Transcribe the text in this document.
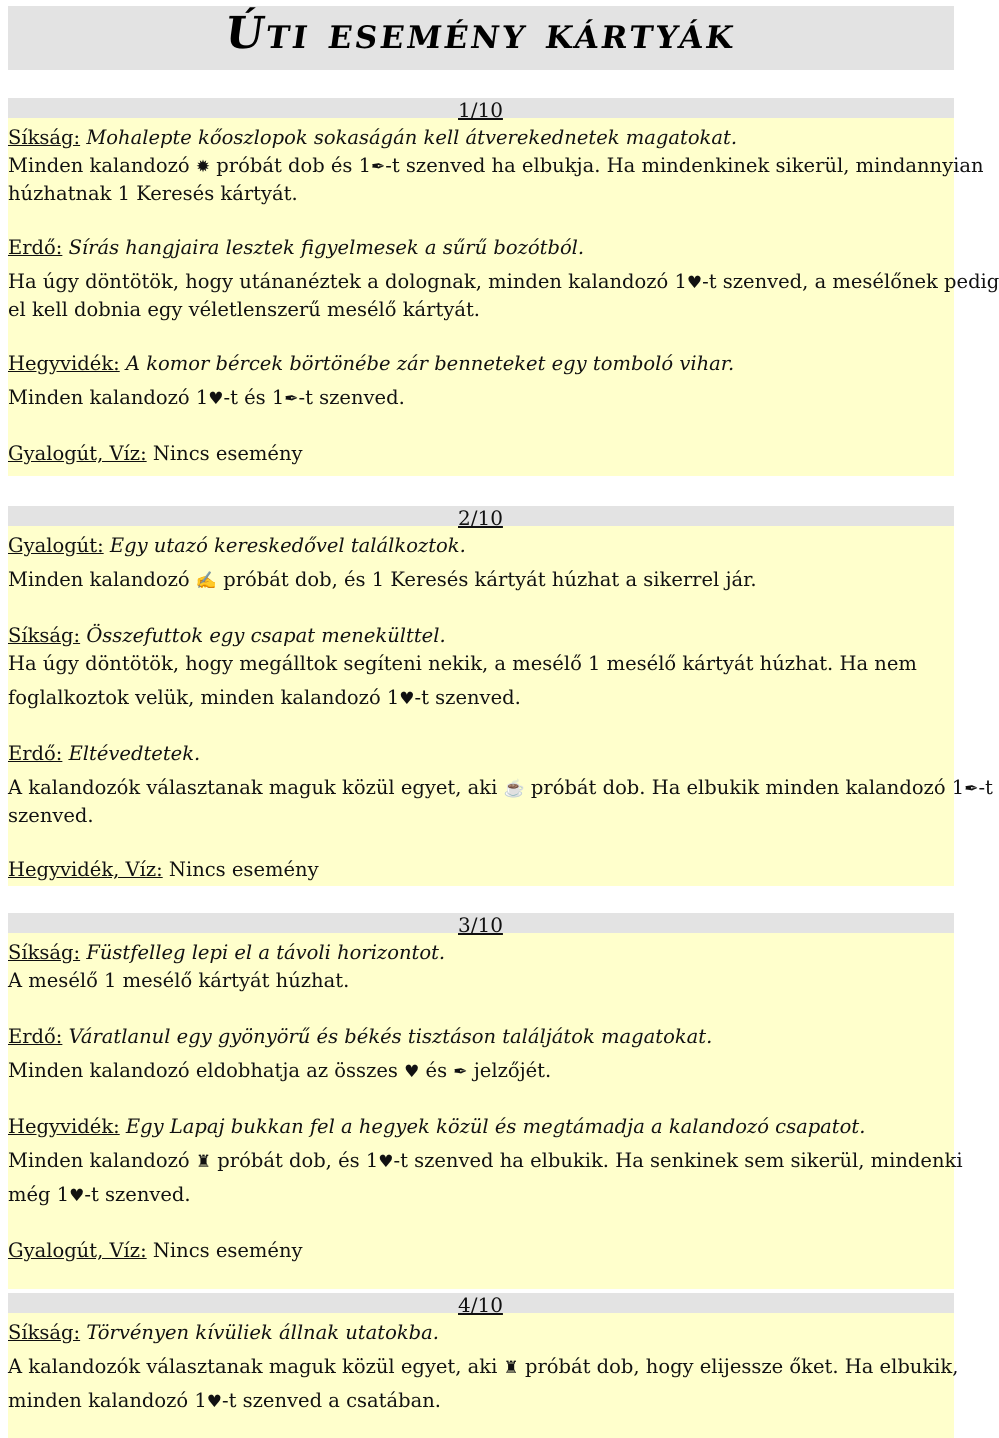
Úti esemény kártyák
1/10
Síkság: Mohalepte kőoszlopok sokaságán kell átverekednetek magatokat.
Minden kalandozó ✹ próbát dob és 1✒-t szenved ha elbukja. Ha mindenkinek sikerül, mindannyian
húzhatnak 1 Keresés kártyát.
Erdő: Sírás hangjaira lesztek figyelmesek a sűrű bozótból.
Ha úgy döntötök, hogy utánanéztek a dolognak, minden kalandozó 1♥-t szenved, a mesélőnek pedig
el kell dobnia egy véletlenszerű mesélő kártyát.
Hegyvidék: A komor bércek börtönébe zár benneteket egy tomboló vihar.
Minden kalandozó 1♥-t és 1✒-t szenved.
Gyalogút, Víz: Nincs esemény
2/10
Gyalogút: Egy utazó kereskedővel találkoztok.
Minden kalandozó ✍ próbát dob, és 1 Keresés kártyát húzhat a sikerrel jár.
Síkság: Összefuttok egy csapat menekülttel.
Ha úgy döntötök, hogy megálltok segíteni nekik, a mesélő 1 mesélő kártyát húzhat. Ha nem
foglalkoztok velük, minden kalandozó 1♥-t szenved.
Erdő: Eltévedtetek.
A kalandozók választanak maguk közül egyet, aki ☕ próbát dob. Ha elbukik minden kalandozó 1✒-t
szenved.
Hegyvidék, Víz: Nincs esemény
3/10
Síkság: Füstfelleg lepi el a távoli horizontot.
A mesélő 1 mesélő kártyát húzhat.
Erdő: Váratlanul egy gyönyörű és békés tisztáson találjátok magatokat.
Minden kalandozó eldobhatja az összes ♥ és ✒ jelzőjét.
Hegyvidék: Egy Lapaj bukkan fel a hegyek közül és megtámadja a kalandozó csapatot.
Minden kalandozó ♜ próbát dob, és 1♥-t szenved ha elbukik. Ha senkinek sem sikerül, mindenki
még 1♥-t szenved.
Gyalogút, Víz: Nincs esemény
4/10
Síkság: Törvényen kívüliek állnak utatokba.
A kalandozók választanak maguk közül egyet, aki ♜ próbát dob, hogy elijessze őket. Ha elbukik,
minden kalandozó 1♥-t szenved a csatában.
